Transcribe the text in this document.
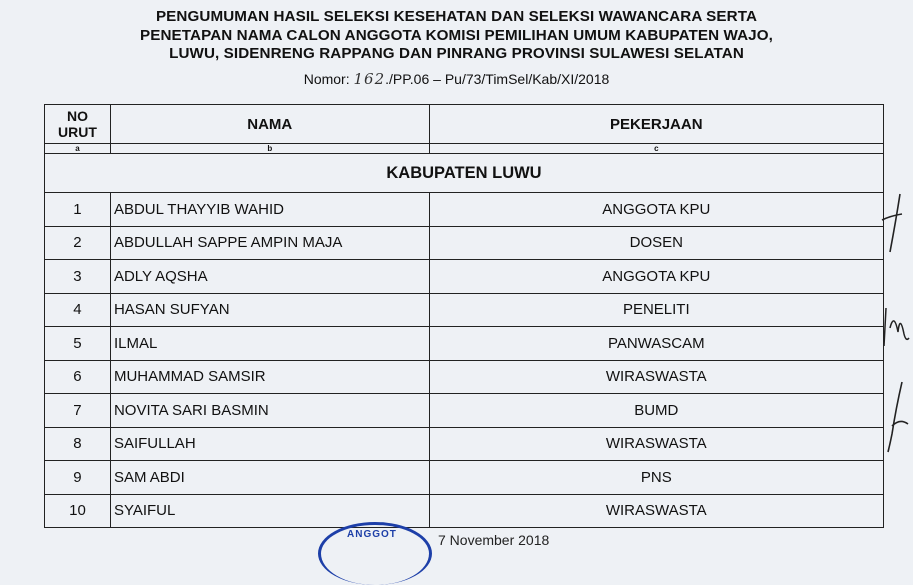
PENGUMUMAN HASIL SELEKSI KESEHATAN DAN SELEKSI WAWANCARA SERTA
PENETAPAN NAMA CALON ANGGOTA KOMISI PEMILIHAN UMUM KABUPATEN WAJO,
LUWU, SIDENRENG RAPPANG DAN PINRANG PROVINSI SULAWESI SELATAN
Nomor: 162./PP.06 – Pu/73/TimSel/Kab/XI/2018
NO
URUT	NAMA	PEKERJAAN
a	b	c
KABUPATEN LUWU		
1	ABDUL THAYYIB WAHID	ANGGOTA KPU
2	ABDULLAH SAPPE AMPIN MAJA	DOSEN
3	ADLY AQSHA	ANGGOTA KPU
4	HASAN SUFYAN	PENELITI
5	ILMAL	PANWASCAM
6	MUHAMMAD SAMSIR	WIRASWASTA
7	NOVITA SARI BASMIN	BUMD
8	SAIFULLAH	WIRASWASTA
9	SAM ABDI	PNS
10	SYAIFUL	WIRASWASTA
ANGGOT	7 November 2018
